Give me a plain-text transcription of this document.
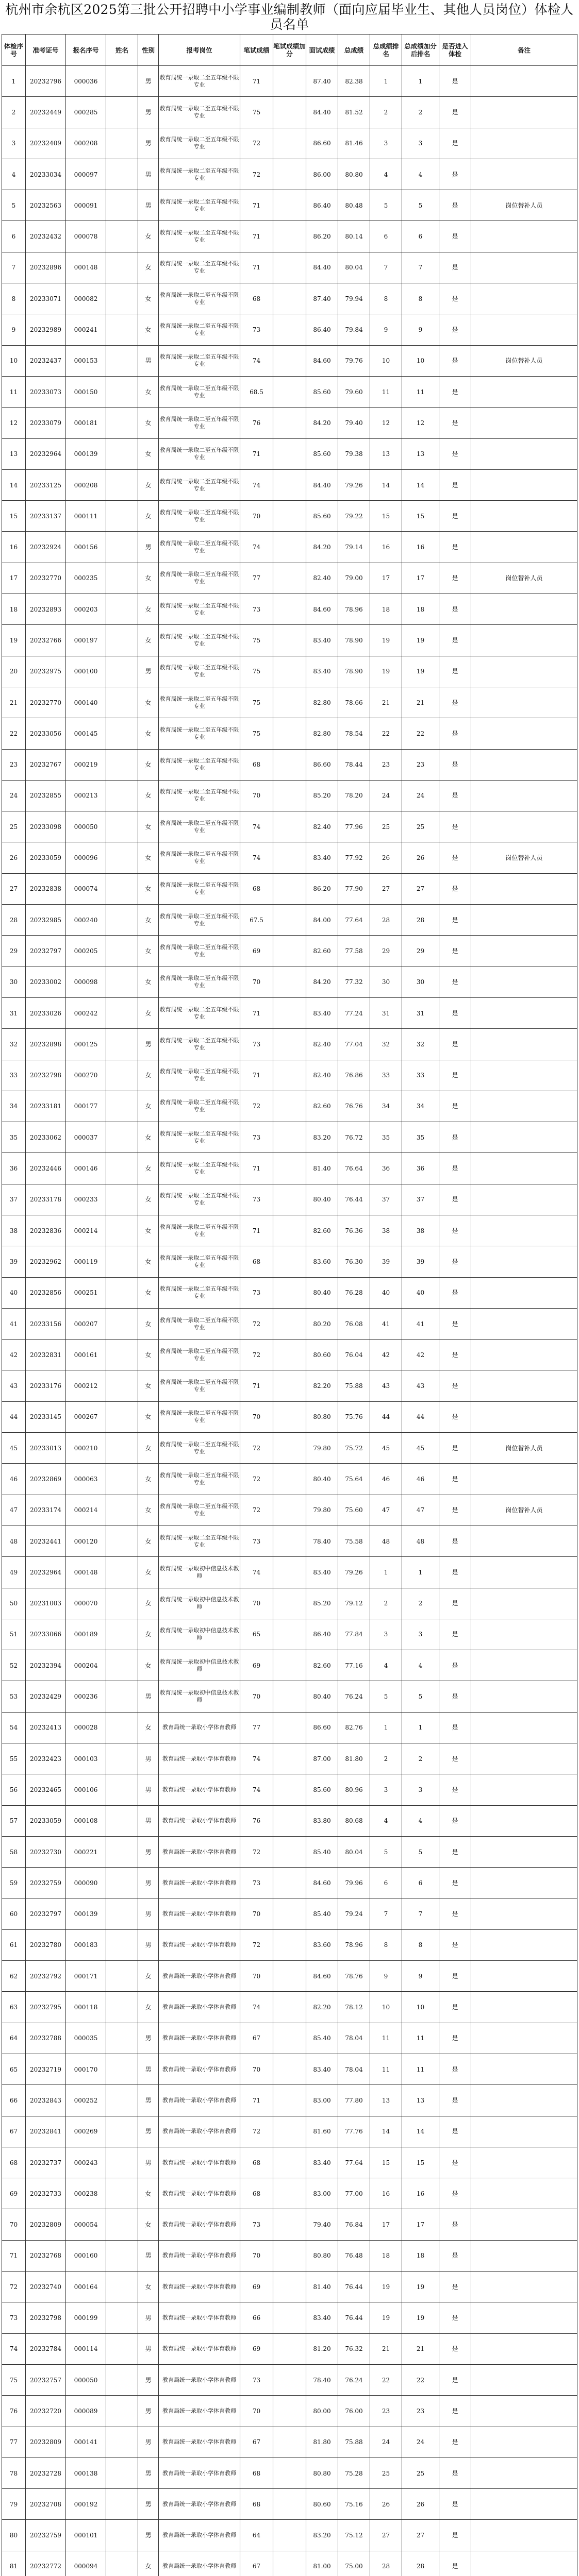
杭州市余杭区2025第三批公开招聘中小学事业编制教师（面向应届毕业生、其他人员岗位）体检人员名单
体检序号	准考证号	报名序号	姓名	性别	报考岗位	笔试成绩	笔试成绩加分	面试成绩	总成绩	总成绩排名	总成绩加分后排名	是否进入体检	备注
1	20232796	000036		男	教育局统一录取二至五年级不限专业	71		87.40	82.38	1	1	是	
2	20232449	000285		男	教育局统一录取二至五年级不限专业	75		84.40	81.52	2	2	是	
3	20232409	000208		男	教育局统一录取二至五年级不限专业	72		86.60	81.46	3	3	是	
4	20233034	000097		男	教育局统一录取二至五年级不限专业	72		86.00	80.80	4	4	是	
5	20232563	000091		男	教育局统一录取二至五年级不限专业	71		86.40	80.48	5	5	是	岗位替补人员
6	20232432	000078		女	教育局统一录取二至五年级不限专业	71		86.20	80.14	6	6	是	
7	20232896	000148		女	教育局统一录取二至五年级不限专业	71		84.40	80.04	7	7	是	
8	20233071	000082		女	教育局统一录取二至五年级不限专业	68		87.40	79.94	8	8	是	
9	20232989	000241		女	教育局统一录取二至五年级不限专业	73		86.40	79.84	9	9	是	
10	20232437	000153		男	教育局统一录取二至五年级不限专业	74		84.60	79.76	10	10	是	岗位替补人员
11	20233073	000150		女	教育局统一录取二至五年级不限专业	68.5		85.60	79.60	11	11	是	
12	20233079	000181		女	教育局统一录取二至五年级不限专业	76		84.20	79.40	12	12	是	
13	20232964	000139		女	教育局统一录取二至五年级不限专业	71		85.60	79.38	13	13	是	
14	20233125	000208		女	教育局统一录取二至五年级不限专业	74		84.40	79.26	14	14	是	
15	20233137	000111		女	教育局统一录取二至五年级不限专业	70		85.60	79.22	15	15	是	
16	20232924	000156		男	教育局统一录取二至五年级不限专业	74		84.20	79.14	16	16	是	
17	20232770	000235		女	教育局统一录取二至五年级不限专业	77		82.40	79.00	17	17	是	岗位替补人员
18	20232893	000203		女	教育局统一录取二至五年级不限专业	73		84.60	78.96	18	18	是	
19	20232766	000197		女	教育局统一录取二至五年级不限专业	75		83.40	78.90	19	19	是	
20	20232975	000100		男	教育局统一录取二至五年级不限专业	75		83.40	78.90	19	19	是	
21	20232770	000140		女	教育局统一录取二至五年级不限专业	75		82.80	78.66	21	21	是	
22	20233056	000145		女	教育局统一录取二至五年级不限专业	75		82.80	78.54	22	22	是	
23	20232767	000219		女	教育局统一录取二至五年级不限专业	68		86.60	78.44	23	23	是	
24	20232855	000213		女	教育局统一录取二至五年级不限专业	70		85.20	78.20	24	24	是	
25	20233098	000050		女	教育局统一录取二至五年级不限专业	74		82.40	77.96	25	25	是	
26	20233059	000096		女	教育局统一录取二至五年级不限专业	74		83.40	77.92	26	26	是	岗位替补人员
27	20232838	000074		女	教育局统一录取二至五年级不限专业	68		86.20	77.90	27	27	是	
28	20232985	000240		女	教育局统一录取二至五年级不限专业	67.5		84.00	77.64	28	28	是	
29	20232797	000205		女	教育局统一录取二至五年级不限专业	69		82.60	77.58	29	29	是	
30	20233002	000098		女	教育局统一录取二至五年级不限专业	70		84.20	77.32	30	30	是	
31	20233026	000242		女	教育局统一录取二至五年级不限专业	71		83.40	77.24	31	31	是	
32	20232898	000125		男	教育局统一录取二至五年级不限专业	73		82.40	77.04	32	32	是	
33	20232798	000270		女	教育局统一录取二至五年级不限专业	71		82.40	76.86	33	33	是	
34	20233181	000177		女	教育局统一录取二至五年级不限专业	72		82.60	76.76	34	34	是	
35	20233062	000037		女	教育局统一录取二至五年级不限专业	73		83.20	76.72	35	35	是	
36	20232446	000146		女	教育局统一录取二至五年级不限专业	71		81.40	76.64	36	36	是	
37	20233178	000233		女	教育局统一录取二至五年级不限专业	73		80.40	76.44	37	37	是	
38	20232836	000214		女	教育局统一录取二至五年级不限专业	71		82.60	76.36	38	38	是	
39	20232962	000119		女	教育局统一录取二至五年级不限专业	68		83.60	76.30	39	39	是	
40	20232856	000251		女	教育局统一录取二至五年级不限专业	73		80.40	76.28	40	40	是	
41	20233156	000207		女	教育局统一录取二至五年级不限专业	72		80.20	76.08	41	41	是	
42	20232831	000161		女	教育局统一录取二至五年级不限专业	72		80.60	76.04	42	42	是	
43	20233176	000212		女	教育局统一录取二至五年级不限专业	71		82.20	75.88	43	43	是	
44	20233145	000267		女	教育局统一录取二至五年级不限专业	70		80.80	75.76	44	44	是	
45	20233013	000210		女	教育局统一录取二至五年级不限专业	72		79.80	75.72	45	45	是	岗位替补人员
46	20232869	000063		女	教育局统一录取二至五年级不限专业	72		80.40	75.64	46	46	是	
47	20233174	000214		女	教育局统一录取二至五年级不限专业	72		79.80	75.60	47	47	是	岗位替补人员
48	20232441	000120		女	教育局统一录取二至五年级不限专业	73		78.40	75.58	48	48	是	
49	20232964	000148		女	教育局统一录取初中信息技术教师	74		83.40	79.26	1	1	是	
50	20231003	000070		女	教育局统一录取初中信息技术教师	70		85.20	79.12	2	2	是	
51	20233066	000189		女	教育局统一录取初中信息技术教师	65		86.40	77.84	3	3	是	
52	20232394	000204		女	教育局统一录取初中信息技术教师	69		82.60	77.16	4	4	是	
53	20232429	000236		男	教育局统一录取初中信息技术教师	70		80.40	76.24	5	5	是	
54	20232413	000028		女	教育局统一录取小学体育教师	77		86.60	82.76	1	1	是	
55	20232423	000103		男	教育局统一录取小学体育教师	74		87.00	81.80	2	2	是	
56	20232465	000106		男	教育局统一录取小学体育教师	74		85.60	80.96	3	3	是	
57	20233059	000108		男	教育局统一录取小学体育教师	76		83.80	80.68	4	4	是	
58	20232730	000221		男	教育局统一录取小学体育教师	72		85.40	80.04	5	5	是	
59	20232759	000090		男	教育局统一录取小学体育教师	73		84.60	79.96	6	6	是	
60	20232797	000139		男	教育局统一录取小学体育教师	70		85.40	79.24	7	7	是	
61	20232780	000183		男	教育局统一录取小学体育教师	72		83.60	78.96	8	8	是	
62	20232792	000171		女	教育局统一录取小学体育教师	70		84.60	78.76	9	9	是	
63	20232795	000118		女	教育局统一录取小学体育教师	74		82.20	78.12	10	10	是	
64	20232788	000035		男	教育局统一录取小学体育教师	67		85.40	78.04	11	11	是	
65	20232719	000170		男	教育局统一录取小学体育教师	70		83.40	78.04	11	11	是	
66	20232843	000252		男	教育局统一录取小学体育教师	71		83.00	77.80	13	13	是	
67	20232841	000269		男	教育局统一录取小学体育教师	72		81.60	77.76	14	14	是	
68	20232737	000243		男	教育局统一录取小学体育教师	68		83.40	77.64	15	15	是	
69	20232733	000238		女	教育局统一录取小学体育教师	68		83.00	77.00	16	16	是	
70	20232809	000054		女	教育局统一录取小学体育教师	73		79.40	76.84	17	17	是	
71	20232768	000160		男	教育局统一录取小学体育教师	70		80.80	76.48	18	18	是	
72	20232740	000164		女	教育局统一录取小学体育教师	69		81.40	76.44	19	19	是	
73	20232798	000199		男	教育局统一录取小学体育教师	66		83.40	76.44	19	19	是	
74	20232784	000114		男	教育局统一录取小学体育教师	69		81.20	76.32	21	21	是	
75	20232757	000050		男	教育局统一录取小学体育教师	73		78.40	76.24	22	22	是	
76	20232720	000089		男	教育局统一录取小学体育教师	70		80.00	76.00	23	23	是	
77	20232809	000141		男	教育局统一录取小学体育教师	67		81.80	75.88	24	24	是	
78	20232728	000138		男	教育局统一录取小学体育教师	68		80.80	75.28	25	25	是	
79	20232708	000192		男	教育局统一录取小学体育教师	68		80.60	75.16	26	26	是	
80	20232759	000101		男	教育局统一录取小学体育教师	64		83.20	75.12	27	27	是	
81	20232772	000094		女	教育局统一录取小学体育教师	67		81.00	75.00	28	28	是	
